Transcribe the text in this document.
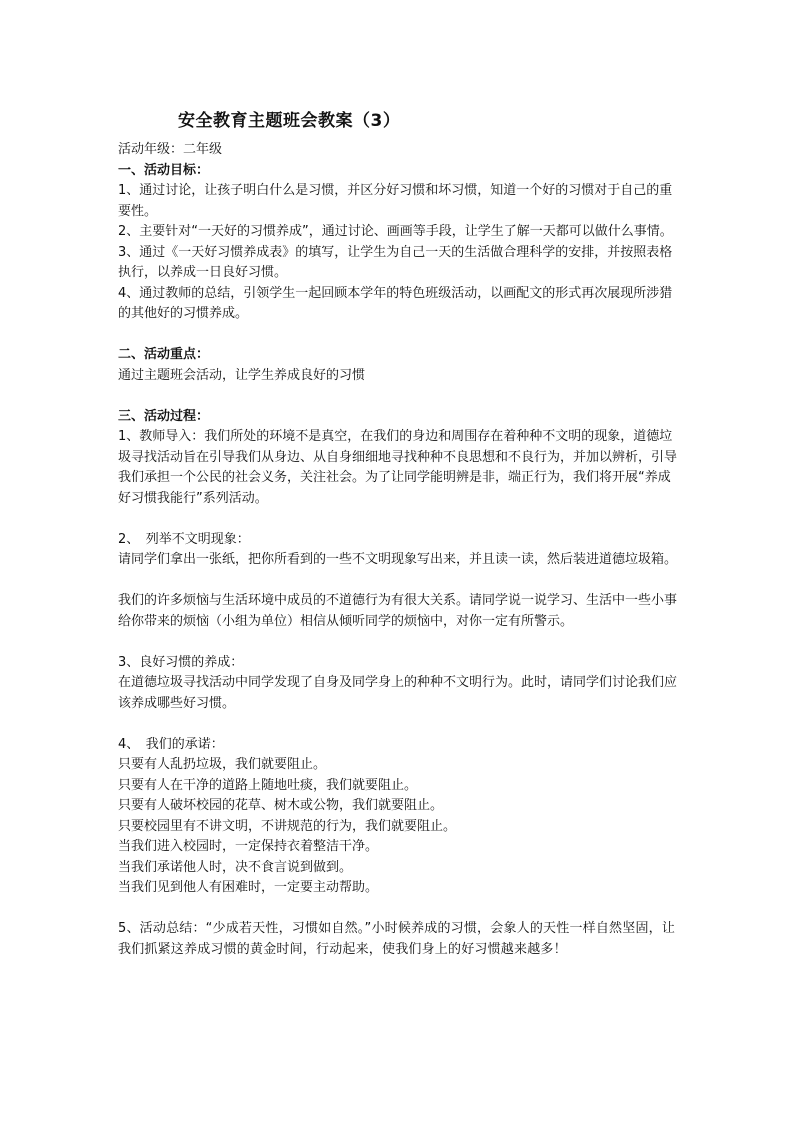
安全教育主题班会教案（3）

活动年级：二年级

一、活动目标：

1、通过讨论，让孩子明白什么是习惯，并区分好习惯和坏习惯，知道一个好的习惯对于自己的重要性。

2、主要针对“一天好的习惯养成”，通过讨论、画画等手段，让学生了解一天都可以做什么事情。

3、通过《一天好习惯养成表》的填写，让学生为自己一天的生活做合理科学的安排，并按照表格执行，以养成一日良好习惯。

4、通过教师的总结，引领学生一起回顾本学年的特色班级活动，以画配文的形式再次展现所涉猎的其他好的习惯养成。

二、活动重点：

通过主题班会活动，让学生养成良好的习惯

三、活动过程：

1、教师导入：我们所处的环境不是真空，在我们的身边和周围存在着种种不文明的现象，道德垃圾寻找活动旨在引导我们从身边、从自身细细地寻找种种不良思想和不良行为，并加以辨析，引导我们承担一个公民的社会义务，关注社会。为了让同学能明辨是非，端正行为，我们将开展“养成好习惯我能行”系列活动。

2、　列举不文明现象：

请同学们拿出一张纸，把你所看到的一些不文明现象写出来，并且读一读，然后装进道德垃圾箱。

我们的许多烦恼与生活环境中成员的不道德行为有很大关系。请同学说一说学习、生活中一些小事给你带来的烦恼（小组为单位）相信从倾听同学的烦恼中，对你一定有所警示。

3、良好习惯的养成：

在道德垃圾寻找活动中同学发现了自身及同学身上的种种不文明行为。此时，请同学们讨论我们应该养成哪些好习惯。

4、　我们的承诺：

只要有人乱扔垃圾，我们就要阻止。

只要有人在干净的道路上随地吐痰，我们就要阻止。

只要有人破坏校园的花草、树木或公物，我们就要阻止。

只要校园里有不讲文明，不讲规范的行为，我们就要阻止。

当我们进入校园时，一定保持衣着整洁干净。

当我们承诺他人时，决不食言说到做到。

当我们见到他人有困难时，一定要主动帮助。

5、活动总结：“少成若天性，习惯如自然。”小时候养成的习惯，会象人的天性一样自然坚固，让我们抓紧这养成习惯的黄金时间，行动起来，使我们身上的好习惯越来越多！
